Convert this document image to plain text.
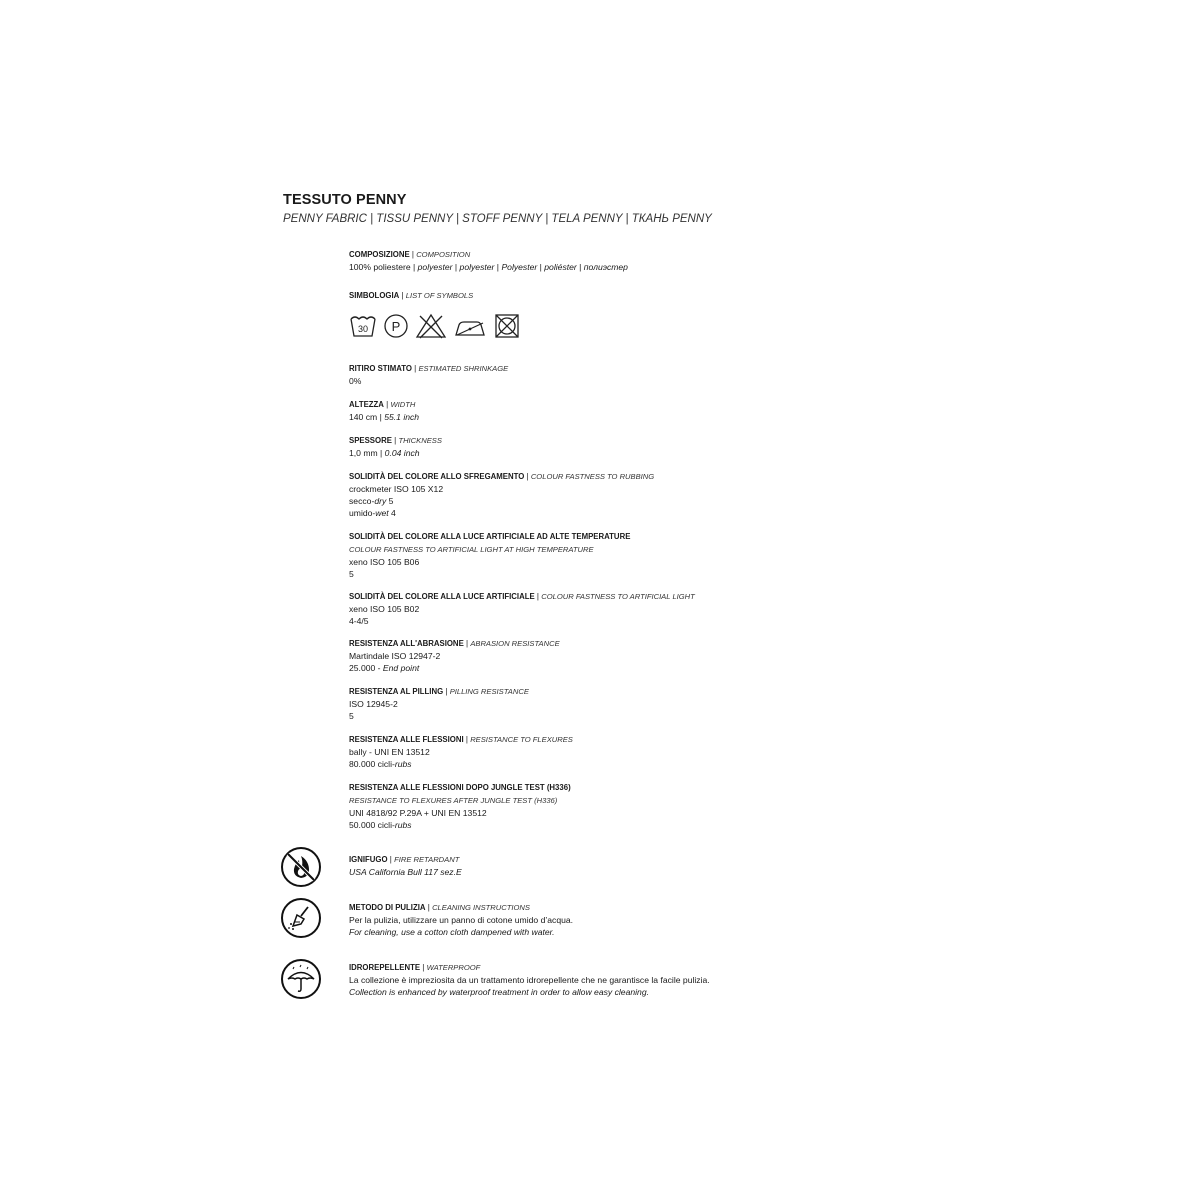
TESSUTO PENNY
PENNY FABRIC | TISSU PENNY | STOFF PENNY | TELA PENNY | ТКАНЬ PENNY
COMPOSIZIONE | COMPOSITION
100% poliestere | polyester | polyester | Polyester | poliéster | полиэстер
SIMBOLOGIA | LIST OF SYMBOLS
30 P
RITIRO STIMATO | ESTIMATED SHRINKAGE
0%
ALTEZZA | WIDTH
140 cm | 55.1 inch
SPESSORE | THICKNESS
1,0 mm | 0.04 inch
SOLIDITÀ DEL COLORE ALLO SFREGAMENTO | COLOUR FASTNESS TO RUBBING
crockmeter ISO 105 X12
secco-dry 5
umido-wet 4
SOLIDITÀ DEL COLORE ALLA LUCE ARTIFICIALE AD ALTE TEMPERATURE
COLOUR FASTNESS TO ARTIFICIAL LIGHT AT HIGH TEMPERATURE
xeno ISO 105 B06
5
SOLIDITÀ DEL COLORE ALLA LUCE ARTIFICIALE | COLOUR FASTNESS TO ARTIFICIAL LIGHT
xeno ISO 105 B02
4-4/5
RESISTENZA ALL'ABRASIONE | ABRASION RESISTANCE
Martindale ISO 12947-2
25.000 - End point
RESISTENZA AL PILLING | PILLING RESISTANCE
ISO 12945-2
5
RESISTENZA ALLE FLESSIONI | RESISTANCE TO FLEXURES
bally - UNI EN 13512
80.000 cicli-rubs
RESISTENZA ALLE FLESSIONI DOPO JUNGLE TEST (H336)
RESISTANCE TO FLEXURES AFTER JUNGLE TEST (H336)
UNI 4818/92 P.29A + UNI EN 13512
50.000 cicli-rubs
IGNIFUGO | FIRE RETARDANT
USA California Bull 117 sez.E
METODO DI PULIZIA | CLEANING INSTRUCTIONS
Per la pulizia, utilizzare un panno di cotone umido d’acqua.
For cleaning, use a cotton cloth dampened with water.
IDROREPELLENTE | WATERPROOF
La collezione è impreziosita da un trattamento idrorepellente che ne garantisce la facile pulizia.
Collection is enhanced by waterproof treatment in order to allow easy cleaning.
